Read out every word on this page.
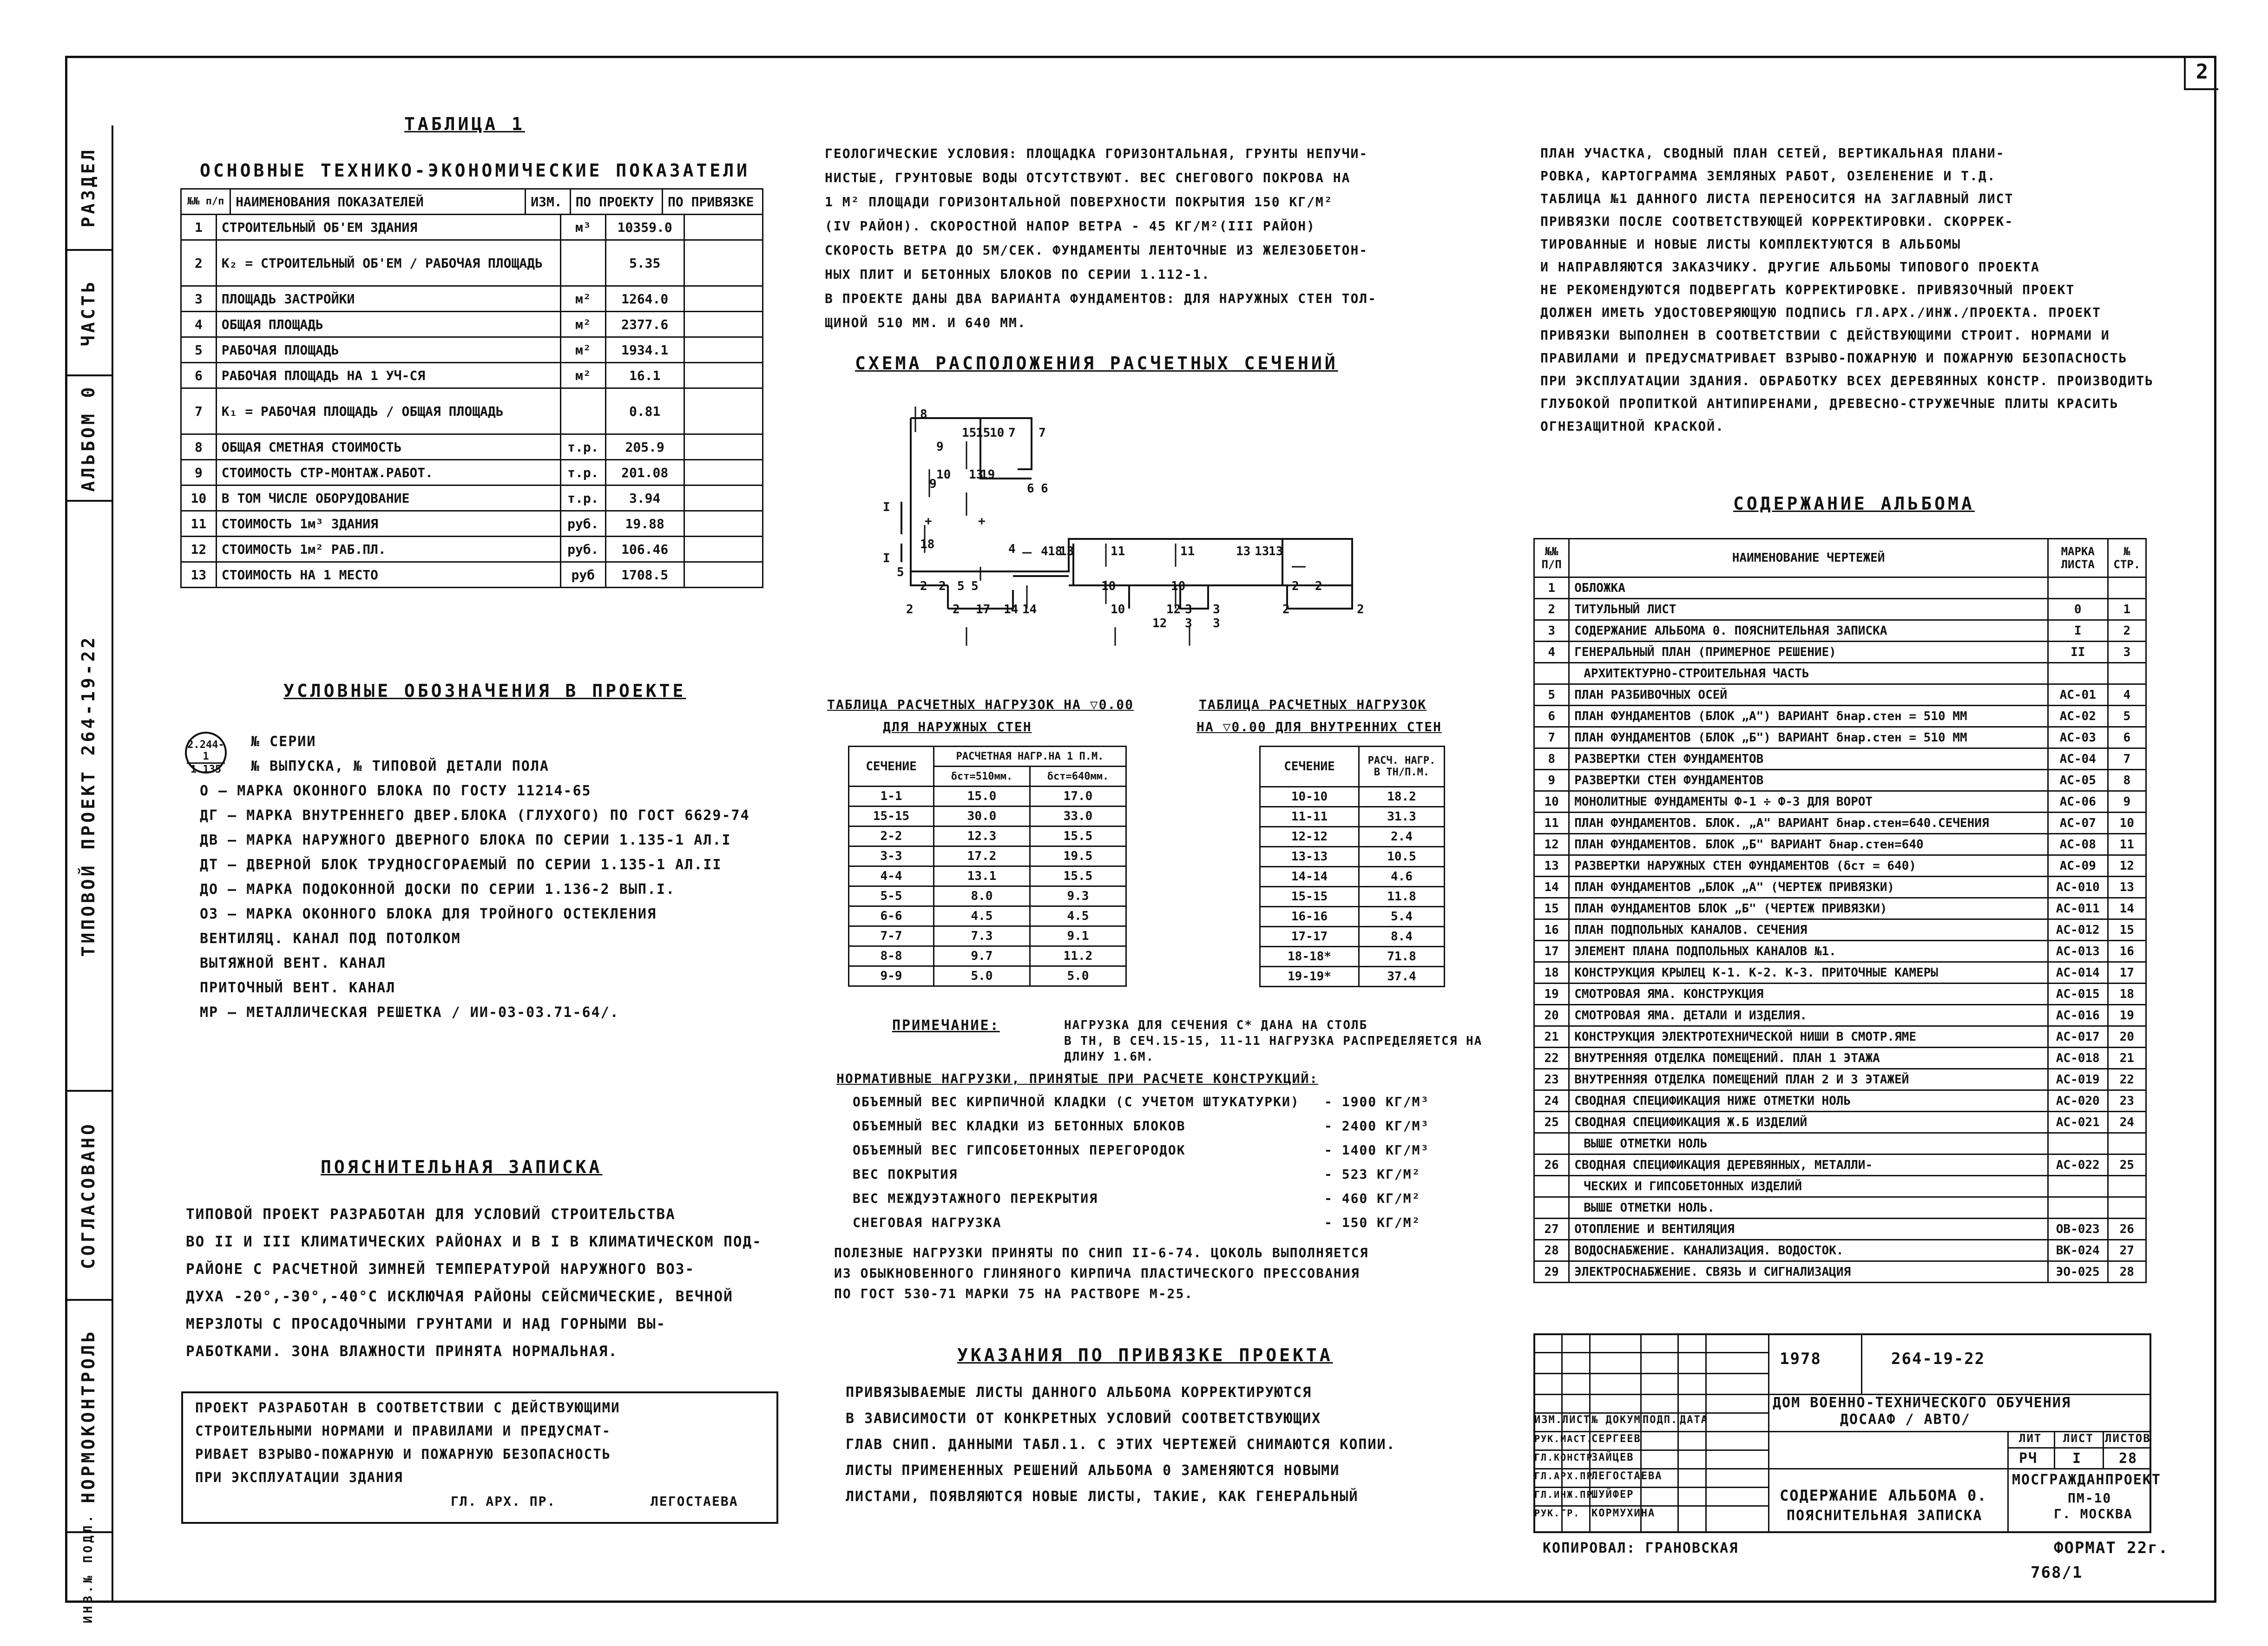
2
РАЗДЕЛ
ЧАСТЬ
АЛЬБОМ 0
ТИПОВОЙ ПРОЕКТ 264-19-22
СОГЛАСОВАНО
НОРМОКОНТРОЛЬ
ИНВ.№ ПОДЛ.
ТАБЛИЦА 1
ОСНОВНЫЕ ТЕХНИКО-ЭКОНОМИЧЕСКИЕ ПОКАЗАТЕЛИ
№№ п/п	НАИМЕНОВАНИЯ ПОКАЗАТЕЛЕЙ	ИЗМ.	ПО ПРОЕКТУ	ПО ПРИВЯЗКЕ
1	СТРОИТЕЛЬНЫЙ ОБ'ЕМ ЗДАНИЯ	м³	10359.0	
2	К₂ = СТРОИТЕЛЬНЫЙ ОБ'ЕМ / РАБОЧАЯ ПЛОЩАДЬ		5.35	
3	ПЛОЩАДЬ ЗАСТРОЙКИ	м²	1264.0	
4	ОБЩАЯ ПЛОЩАДЬ	м²	2377.6	
5	РАБОЧАЯ ПЛОЩАДЬ	м²	1934.1	
6	РАБОЧАЯ ПЛОЩАДЬ НА 1 УЧ-СЯ	м²	16.1	
7	К₁ = РАБОЧАЯ ПЛОЩАДЬ / ОБЩАЯ ПЛОЩАДЬ		0.81	
8	ОБЩАЯ СМЕТНАЯ СТОИМОСТЬ	т.р.	205.9	
9	СТОИМОСТЬ СТР-МОНТАЖ.РАБОТ.	т.р.	201.08	
10	В ТОМ ЧИСЛЕ ОБОРУДОВАНИЕ	т.р.	3.94	
11	СТОИМОСТЬ 1м³ ЗДАНИЯ	руб.	19.88	
12	СТОИМОСТЬ 1м² РАБ.ПЛ.	руб.	106.46	
13	СТОИМОСТЬ НА 1 МЕСТО	руб	1708.5	
УСЛОВНЫЕ ОБОЗНАЧЕНИЯ В ПРОЕКТЕ
2.244-1
1.135
№ СЕРИИ
№ ВЫПУСКА, № ТИПОВОЙ ДЕТАЛИ ПОЛА
О — МАРКА ОКОННОГО БЛОКА ПО ГОСТУ 11214-65
ДГ — МАРКА ВНУТРЕННЕГО ДВЕР.БЛОКА (ГЛУХОГО) ПО ГОСТ 6629-74
ДВ — МАРКА НАРУЖНОГО ДВЕРНОГО БЛОКА ПО СЕРИИ 1.135-1 АЛ.I
ДТ — ДВЕРНОЙ БЛОК ТРУДНОСГОРАЕМЫЙ ПО СЕРИИ 1.135-1 АЛ.II
ДО — МАРКА ПОДОКОННОЙ ДОСКИ ПО СЕРИИ 1.136-2 ВЫП.I.
ОЗ — МАРКА ОКОННОГО БЛОКА ДЛЯ ТРОЙНОГО ОСТЕКЛЕНИЯ
ВЕНТИЛЯЦ. КАНАЛ ПОД ПОТОЛКОМ
ВЫТЯЖНОЙ ВЕНТ. КАНАЛ
ПРИТОЧНЫЙ ВЕНТ. КАНАЛ
МР — МЕТАЛЛИЧЕСКАЯ РЕШЕТКА / ИИ-03-03.71-64/.
ПОЯСНИТЕЛЬНАЯ ЗАПИСКА
ТИПОВОЙ ПРОЕКТ РАЗРАБОТАН ДЛЯ УСЛОВИЙ СТРОИТЕЛЬСТВА
ВО II И III КЛИМАТИЧЕСКИХ РАЙОНАХ И В I В КЛИМАТИЧЕСКОМ ПОД-
РАЙОНЕ С РАСЧЕТНОЙ ЗИМНЕЙ ТЕМПЕРАТУРОЙ НАРУЖНОГО ВОЗ-
ДУХА -20°,-30°,-40°С ИСКЛЮЧАЯ РАЙОНЫ СЕЙСМИЧЕСКИЕ, ВЕЧНОЙ
МЕРЗЛОТЫ С ПРОСАДОЧНЫМИ ГРУНТАМИ И НАД ГОРНЫМИ ВЫ-
РАБОТКАМИ. ЗОНА ВЛАЖНОСТИ ПРИНЯТА НОРМАЛЬНАЯ.
ПРОЕКТ РАЗРАБОТАН В СООТВЕТСТВИИ С ДЕЙСТВУЮЩИМИ
СТРОИТЕЛЬНЫМИ НОРМАМИ И ПРАВИЛАМИ И ПРЕДУСМАТ-
РИВАЕТ ВЗРЫВО-ПОЖАРНУЮ И ПОЖАРНУЮ БЕЗОПАСНОСТЬ
ПРИ ЭКСПЛУАТАЦИИ ЗДАНИЯ
ГЛ. АРХ. ПР.	ЛЕГОСТАЕВА
ГЕОЛОГИЧЕСКИЕ УСЛОВИЯ: ПЛОЩАДКА ГОРИЗОНТАЛЬНАЯ, ГРУНТЫ НЕПУЧИ-
НИСТЫЕ, ГРУНТОВЫЕ ВОДЫ ОТСУТСТВУЮТ. ВЕС СНЕГОВОГО ПОКРОВА НА
1 М² ПЛОЩАДИ ГОРИЗОНТАЛЬНОЙ ПОВЕРХНОСТИ ПОКРЫТИЯ 150 КГ/М²
(IV РАЙОН). СКОРОСТНОЙ НАПОР ВЕТРА - 45 КГ/М²(III РАЙОН)
СКОРОСТЬ ВЕТРА ДО 5М/СЕК. ФУНДАМЕНТЫ ЛЕНТОЧНЫЕ ИЗ ЖЕЛЕЗОБЕТОН-
НЫХ ПЛИТ И БЕТОННЫХ БЛОКОВ ПО СЕРИИ 1.112-1.
В ПРОЕКТЕ ДАНЫ ДВА ВАРИАНТА ФУНДАМЕНТОВ: ДЛЯ НАРУЖНЫХ СТЕН ТОЛ-
ЩИНОЙ 510 ММ. И 640 ММ.
СХЕМА РАСПОЛОЖЕНИЯ РАСЧЕТНЫХ СЕЧЕНИЙ
8
9
15
15
10 7 7
9
10 13
19
6 6
I
I
+	+
18	4 4 18
13	11	11	13 13
13
5
2 2 5 5	10	10	2 2
2	2 17 14 14	10	12 3 3
12 3 3
2	2
ТАБЛИЦА РАСЧЕТНЫХ НАГРУЗОК НА ▽0.00
ДЛЯ НАРУЖНЫХ СТЕН
СЕЧЕНИЕ	РАСЧЕТНАЯ НАГР.НА 1 П.М.	
	δст=510мм.	δст=640мм.
1-1	15.0	17.0
15-15	30.0	33.0
2-2	12.3	15.5
3-3	17.2	19.5
4-4	13.1	15.5
5-5	8.0	9.3
6-6	4.5	4.5
7-7	7.3	9.1
8-8	9.7	11.2
9-9	5.0	5.0
ТАБЛИЦА РАСЧЕТНЫХ НАГРУЗОК
НА ▽0.00 ДЛЯ ВНУТРЕННИХ СТЕН
СЕЧЕНИЕ	РАСЧ. НАГР. В ТН/П.М.
10-10	18.2
11-11	31.3
12-12	2.4
13-13	10.5
14-14	4.6
15-15	11.8
16-16	5.4
17-17	8.4
18-18*	71.8
19-19*	37.4
ПРИМЕЧАНИЕ:	НАГРУЗКА ДЛЯ СЕЧЕНИЯ С* ДАНА НА СТОЛБ
В ТН, В СЕЧ.15-15, 11-11 НАГРУЗКА РАСПРЕДЕЛЯЕТСЯ НА
ДЛИНУ 1.6М.
НОРМАТИВНЫЕ НАГРУЗКИ, ПРИНЯТЫЕ ПРИ РАСЧЕТЕ КОНСТРУКЦИЙ:
ОБЪЕМНЫЙ ВЕС КИРПИЧНОЙ КЛАДКИ (С УЧЕТОМ ШТУКАТУРКИ) - 1900 КГ/М³
ОБЪЕМНЫЙ ВЕС КЛАДКИ ИЗ БЕТОННЫХ БЛОКОВ	- 2400 КГ/М³
ОБЪЕМНЫЙ ВЕС ГИПСОБЕТОННЫХ ПЕРЕГОРОДОК	- 1400 КГ/М³
ВЕС ПОКРЫТИЯ	- 523 КГ/М²
ВЕС МЕЖДУЭТАЖНОГО ПЕРЕКРЫТИЯ	- 460 КГ/М²
СНЕГОВАЯ НАГРУЗКА	- 150 КГ/М²
ПОЛЕЗНЫЕ НАГРУЗКИ ПРИНЯТЫ ПО СНИП II-6-74. ЦОКОЛЬ ВЫПОЛНЯЕТСЯ
ИЗ ОБЫКНОВЕННОГО ГЛИНЯНОГО КИРПИЧА ПЛАСТИЧЕСКОГО ПРЕССОВАНИЯ
ПО ГОСТ 530-71 МАРКИ 75 НА РАСТВОРЕ М-25.
УКАЗАНИЯ ПО ПРИВЯЗКЕ ПРОЕКТА
ПРИВЯЗЫВАЕМЫЕ ЛИСТЫ ДАННОГО АЛЬБОМА КОРРЕКТИРУЮТСЯ
В ЗАВИСИМОСТИ ОТ КОНКРЕТНЫХ УСЛОВИЙ СООТВЕТСТВУЮЩИХ
ГЛАВ СНИП. ДАННЫМИ ТАБЛ.1. С ЭТИХ ЧЕРТЕЖЕЙ СНИМАЮТСЯ КОПИИ.
ЛИСТЫ ПРИМЕНЕННЫХ РЕШЕНИЙ АЛЬБОМА 0 ЗАМЕНЯЮТСЯ НОВЫМИ
ЛИСТАМИ, ПОЯВЛЯЮТСЯ НОВЫЕ ЛИСТЫ, ТАКИЕ, КАК ГЕНЕРАЛЬНЫЙ
ПЛАН УЧАСТКА, СВОДНЫЙ ПЛАН СЕТЕЙ, ВЕРТИКАЛЬНАЯ ПЛАНИ-
РОВКА, КАРТОГРАММА ЗЕМЛЯНЫХ РАБОТ, ОЗЕЛЕНЕНИЕ И Т.Д.
ТАБЛИЦА №1 ДАННОГО ЛИСТА ПЕРЕНОСИТСЯ НА ЗАГЛАВНЫЙ ЛИСТ
ПРИВЯЗКИ ПОСЛЕ СООТВЕТСТВУЮЩЕЙ КОРРЕКТИРОВКИ. СКОРРЕК-
ТИРОВАННЫЕ И НОВЫЕ ЛИСТЫ КОМПЛЕКТУЮТСЯ В АЛЬБОМЫ
И НАПРАВЛЯЮТСЯ ЗАКАЗЧИКУ. ДРУГИЕ АЛЬБОМЫ ТИПОВОГО ПРОЕКТА
НЕ РЕКОМЕНДУЮТСЯ ПОДВЕРГАТЬ КОРРЕКТИРОВКЕ. ПРИВЯЗОЧНЫЙ ПРОЕКТ
ДОЛЖЕН ИМЕТЬ УДОСТОВЕРЯЮЩУЮ ПОДПИСЬ ГЛ.АРХ./ИНЖ./ПРОЕКТА. ПРОЕКТ
ПРИВЯЗКИ ВЫПОЛНЕН В СООТВЕТСТВИИ С ДЕЙСТВУЮЩИМИ СТРОИТ. НОРМАМИ И
ПРАВИЛАМИ И ПРЕДУСМАТРИВАЕТ ВЗРЫВО-ПОЖАРНУЮ И ПОЖАРНУЮ БЕЗОПАСНОСТЬ
ПРИ ЭКСПЛУАТАЦИИ ЗДАНИЯ. ОБРАБОТКУ ВСЕХ ДЕРЕВЯННЫХ КОНСТР. ПРОИЗВОДИТЬ
ГЛУБОКОЙ ПРОПИТКОЙ АНТИПИРЕНАМИ, ДРЕВЕСНО-СТРУЖЕЧНЫЕ ПЛИТЫ КРАСИТЬ
ОГНЕЗАЩИТНОЙ КРАСКОЙ.
СОДЕРЖАНИЕ АЛЬБОМА
№№ П/П	НАИМЕНОВАНИЕ ЧЕРТЕЖЕЙ	МАРКА ЛИСТА	№ СТР.
1	ОБЛОЖКА		
2	ТИТУЛЬНЫЙ ЛИСТ	0	1
3	СОДЕРЖАНИЕ АЛЬБОМА 0. ПОЯСНИТЕЛЬНАЯ ЗАПИСКА	I	2
4	ГЕНЕРАЛЬНЫЙ ПЛАН (ПРИМЕРНОЕ РЕШЕНИЕ)	II	3
	АРХИТЕКТУРНО-СТРОИТЕЛЬНАЯ ЧАСТЬ		
5	ПЛАН РАЗБИВОЧНЫХ ОСЕЙ	АС-01	4
6	ПЛАН ФУНДАМЕНТОВ (БЛОК „А") ВАРИАНТ δнар.стен = 510 ММ	АС-02	5
7	ПЛАН ФУНДАМЕНТОВ (БЛОК „Б") ВАРИАНТ δнар.стен = 510 ММ	АС-03	6
8	РАЗВЕРТКИ СТЕН ФУНДАМЕНТОВ	АС-04	7
9	РАЗВЕРТКИ СТЕН ФУНДАМЕНТОВ	АС-05	8
10	МОНОЛИТНЫЕ ФУНДАМЕНТЫ Ф-1 ÷ Ф-3 ДЛЯ ВОРОТ	АС-06	9
11	ПЛАН ФУНДАМЕНТОВ. БЛОК. „А" ВАРИАНТ δнар.стен=640.СЕЧЕНИЯ	АС-07	10
12	ПЛАН ФУНДАМЕНТОВ. БЛОК „Б" ВАРИАНТ δнар.стен=640	АС-08	11
13	РАЗВЕРТКИ НАРУЖНЫХ СТЕН ФУНДАМЕНТОВ (δст = 640)	АС-09	12
14	ПЛАН ФУНДАМЕНТОВ „БЛОК „А" (ЧЕРТЕЖ ПРИВЯЗКИ)	АС-010	13
15	ПЛАН ФУНДАМЕНТОВ БЛОК „Б" (ЧЕРТЕЖ ПРИВЯЗКИ)	АС-011	14
16	ПЛАН ПОДПОЛЬНЫХ КАНАЛОВ. СЕЧЕНИЯ	АС-012	15
17	ЭЛЕМЕНТ ПЛАНА ПОДПОЛЬНЫХ КАНАЛОВ №1.	АС-013	16
18	КОНСТРУКЦИЯ КРЫЛЕЦ К-1. К-2. К-3. ПРИТОЧНЫЕ КАМЕРЫ	АС-014	17
19	СМОТРОВАЯ ЯМА. КОНСТРУКЦИЯ	АС-015	18
20	СМОТРОВАЯ ЯМА. ДЕТАЛИ И ИЗДЕЛИЯ.	АС-016	19
21	КОНСТРУКЦИЯ ЭЛЕКТРОТЕХНИЧЕСКОЙ НИШИ В СМОТР.ЯМЕ	АС-017	20
22	ВНУТРЕННЯЯ ОТДЕЛКА ПОМЕЩЕНИЙ. ПЛАН 1 ЭТАЖА	АС-018	21
23	ВНУТРЕННЯЯ ОТДЕЛКА ПОМЕЩЕНИЙ ПЛАН 2 И 3 ЭТАЖЕЙ	АС-019	22
24	СВОДНАЯ СПЕЦИФИКАЦИЯ НИЖЕ ОТМЕТКИ НОЛЬ	АС-020	23
25	СВОДНАЯ СПЕЦИФИКАЦИЯ Ж.Б ИЗДЕЛИЙ	АС-021	24
	ВЫШЕ ОТМЕТКИ НОЛЬ		
26	СВОДНАЯ СПЕЦИФИКАЦИЯ ДЕРЕВЯННЫХ, МЕТАЛЛИ-	АС-022	25
	ЧЕСКИХ И ГИПСОБЕТОННЫХ ИЗДЕЛИЙ		
	ВЫШЕ ОТМЕТКИ НОЛЬ.		
27	ОТОПЛЕНИЕ И ВЕНТИЛЯЦИЯ	ОВ-023	26
28	ВОДОСНАБЖЕНИЕ. КАНАЛИЗАЦИЯ. ВОДОСТОК.	ВК-024	27
29	ЭЛЕКТРОСНАБЖЕНИЕ. СВЯЗЬ И СИГНАЛИЗАЦИЯ	ЭО-025	28
1978	264-19-22
ДОМ ВОЕННО-ТЕХНИЧЕСКОГО ОБУЧЕНИЯ
ДОСААФ / АВТО/
ИЗМ. ЛИСТ № ДОКУМ.
ПОДП. ДАТА
РУК.МАСТ.
СЕРГЕЕВ
ГЛ.КОНСТР.
ЗАЙЦЕВ
ГЛ.АРХ.ПР.
ЛЕГОСТАЕВА
ГЛ.ИНЖ.ПР.
ШУЙФЕР
РУК.ГР. КОРМУХИНА
ЛИТ ЛИСТ ЛИСТОВ
РЧ I	28
СОДЕРЖАНИЕ АЛЬБОМА 0.
ПОЯСНИТЕЛЬНАЯ ЗАПИСКА
МОСГРАЖДАНПРОЕКТ
ПМ-10
Г. МОСКВА
КОПИРОВАЛ: ГРАНОВСКАЯ	ФОРМАТ 22г.
768/1
